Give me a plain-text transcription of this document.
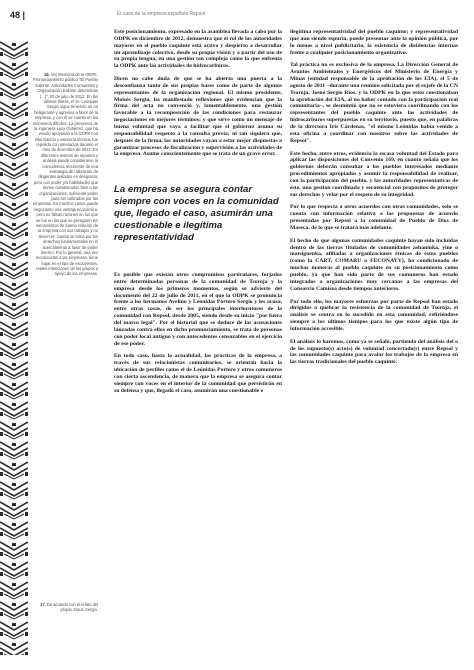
48 |	El caso de la empresa española Repsol
16. Ver Memoria de la ODPK. Pronunciamiento público "El Pueblo Kakinte: Autoridades Comunales y Organización Kakinte determinan [...]", 20 de julio de 2012. En las últimas líneas, el Sr. Leónidas Sergio sigue teniendo un rol beligerante y agresivo a favor de la empresa, y con él se cuenta en los momentos difíciles. La presencia de la ingeniera Lucy Gutiérrez, que ha venido apoyando a la ODPK con información y asesoría técnica, fue repelida con amenazas durante el mes de diciembre de 2012. En diferentes testeos de reportes y análisis puede considerarse la coincidencia recurrente de una estrategia de utilización de dirigentes aislados en desgracia; pero con poder y/o habilidades que tienen cuestionados bien a las organizaciones, suficiente poder para ser utilizados por las empresas. En muchos casos puede negociarse una ventaja económica, pero no falsas razones en los que se fue en las que se persiguen los mecanismos de buena relación de la empresa con sus trabajos y no tienen en cuenta se toma por los derechos fundamentales en el acercamiento a favor de poder interno. Por lo general, una vez reconocidas a las empresas, tiene lugar en el tipo de excluyentes, reales intenciones de los grupos y apoyo de las empresas.
17. De acuerdo con el relato del propio Josué Sergio.

Este posicionamiento, expresado en la asamblea llevada a cabo por la ODPK en diciembre de 2012, demuestra que el rol de las autoridades mayores en el pueblo caquinte está activo y despierto a desarrollar un aprendizaje colectivo, desde su propia visión y a partir del uso de su propia lengua, en una gestión tan compleja como la que enfrenta la ODPK ante las actividades de hidrocarburos.

Dicen no cabe duda de que se ha abierto una puerta a la desconfianza tanto de sus propias bases como de parte de algunos representantes de la organización regional. El mismo presidente, Moisés Sergio, ha manifestado reflexiones que evidencian que la firma del acta no convenció y, lamentablemente, una gestión favorable a la recomposición de las condiciones para restaurar negociaciones en mejores términos; y que sirve como un mensaje de buena voluntad que vaya a facilitar que el gobierno asuma su responsabilidad respecto a la consulta previa; ni tan siquiera que, después de la firma, las autoridades vayan a estar mejor dispuestas a garantizar procesos de fiscalización y supervisión a las actividades de la empresa. Asume conscientemente que se trata de un grave error.

La empresa se asegura contar siempre con voces en la comunidad que, llegado el caso, asumirán una cuestionable e ilegítima representatividad

Es posible que existan otros compromisos particulares, forjados entre determinadas personas de la comunidad de Tsoroja y la empresa desde los primeros momentos, según se advierte del documento del 22 de julio de 2011, en el que la ODPK se pronuncia frente a los hermanos Avelino y Leónidas Portero Sergio y les acusa, entre otras cosas, de ser los principales interlocutores de la comunidad con Repsol, desde 2005, siendo desde su inicio "por fuera del marco legal". Por el historial que se deduce de las acusaciones lanzadas contra ellos en dicho pronunciamiento, se trata de personas con poder local antiguo y con antecedentes censurables en el ejercicio de ese poder.

En todo caso, hasta la actualidad, las prácticas de la empresa, a través de sus relacionistas comunitarios, se orientan hacia la ubicación de perfiles como el de Leónidas Portero y otros comuneros con cierta ascendencia, de manera que la empresa se asegura contar siempre con voces en el interior de la comunidad que persistirán en su defensa y que, llegado el caso, asumirán una cuestionable e

ilegítima representatividad del pueblo caquinte; y representatividad que aun siendo espuria, puede presentar ante la opinión pública, por lo menos a nivel publicitario, la existencia de disidencias internas frente a cualquier posicionamiento organizativo.

Tal práctica no es exclusiva de la empresa. La Dirección General de Asuntos Ambientales y Energéticos del Ministerio de Energía y Minas (entidad responsable de la aprobación de los EIA), el 5 de agosto de 2011 –durante una reunión solicitada por el exjefe de la CN Tsoroja, Josué Sergio Ríos, y la ODPK en la que estos cuestionaban la aprobación del EIA, al no haber contado con la participación real comunitaria–, se desmintió que no se estuviera coordinando con los representantes del pueblo caquinte ante las actividades de hidrocarburos superpuestas en su territorio, puesto que, en palabras de la directora Iris Cárdenas, "el mismo Leónidas había venido a esta oficina a coordinar con nosotros sobre las actividades de Repsol".

Este hecho, entre otros, evidencia la escasa voluntad del Estado para aplicar las disposiciones del Convenio 169, en cuanto señala que los gobiernos deberán consultar a los pueblos interesados mediante procedimientos apropiados y asumir la responsabilidad de realizar, con la participación del pueblo, y las autoridades representativas de éste, una gestión coordinada y secuencial con propósitos de proteger sus derechos y velar por el respeto de su integridad.

Por lo que respecta a otros acuerdos con otras comunidades, solo se cuenta con información relativa a las propuestas de acuerdo presentadas por Repsol a la comunidad de Pueblo de Dios de Maseca, de lo que se tratará más adelante.

El hecho de que algunas comunidades caquinte hayan sido incluidas dentro de las tierras tituladas de comunidades ashaninka, yine o matsiguenka, afiliadas a organizaciones étnicas de estos pueblos (como la CART, COMARU o FECONAYY), ha condicionado de muchas maneras al pueblo caquinte en su posicionamiento como pueblo, ya que han sido parte de sus comuneros han estado integrados a organizaciones muy cercanas a las empresas del Consorcio Camisea desde tiempos anteriores.

Por todo ello, los mayores esfuerzos por parte de Repsol han estado dirigidos a quebrar la resistencia de la comunidad de Tsoroja, el análisis se centra en lo sucedido en esta comunidad, refiriéndose siempre a los últimos tiempos para los que existe algún tipo de información accesible.

El análisis lo haremos, como ya se señaló, partiendo del análisis del o de los supuesto(s) acto(s) de voluntad concertado(s) entre Repsol y las comunidades caquinte para avalar los trabajos de la empresa en las tierras tradicionales del pueblo caquinte.
